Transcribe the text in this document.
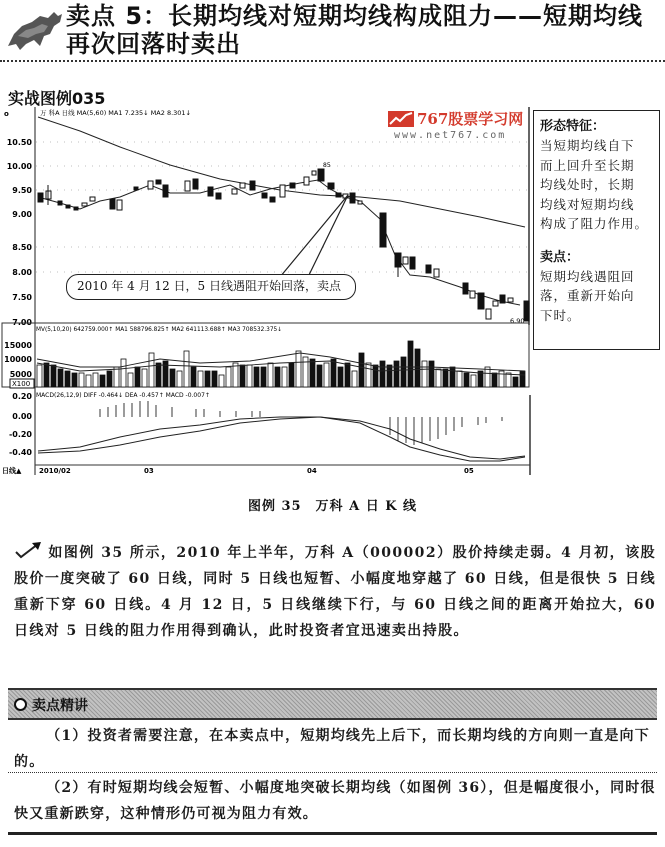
卖点 5：长期均线对短期均线构成阻力——短期均线
再次回落时卖出
实战图例035
o	万 科A 日线 MA(5,60) MA1 7.235↓ MA2 8.301↓
10.50
10.00
9.50
9.00
8.50
8.00
7.50
7.00
85
6.90
MV(5,10,20) 642759.000↑ MA1 588796.825↑ MA2 641113.688↑ MA3 708532.375↓
15000
10000
5000
X100
MACD(26,12,9) DIFF -0.464↓ DEA -0.457↑ MACD -0.007↑
0.20
0.00
-0.20
-0.40
日线▲	2010/02	03	04	05
767股票学习网
www.net767.com
形态特征：
当短期均线自下
而上回升至长期
均线处时，长期
均线对短期均线
构成了阻力作用。
卖点：
短期均线遇阻回
落，重新开始向
下时。
2010 年 4 月 12 日，5 日线遇阻开始回落，卖点
图例 35　万科 A 日 K 线
如图例 35 所示，2010 年上半年，万科 A（000002）股价持续走弱。4 月初，该股股价一度突破了 60 日线，同时 5 日线也短暂、小幅度地穿越了 60 日线，但是很快 5 日线重新下穿 60 日线。4 月 12 日，5 日线继续下行，与 60 日线之间的距离开始拉大，60 日线对 5 日线的阻力作用得到确认，此时投资者宜迅速卖出持股。
卖点精讲
（1）投资者需要注意，在本卖点中，短期均线先上后下，而长期均线的方向则一直是向下的。
（2）有时短期均线会短暂、小幅度地突破长期均线（如图例 36），但是幅度很小，同时很快又重新跌穿，这种情形仍可视为阻力有效。
